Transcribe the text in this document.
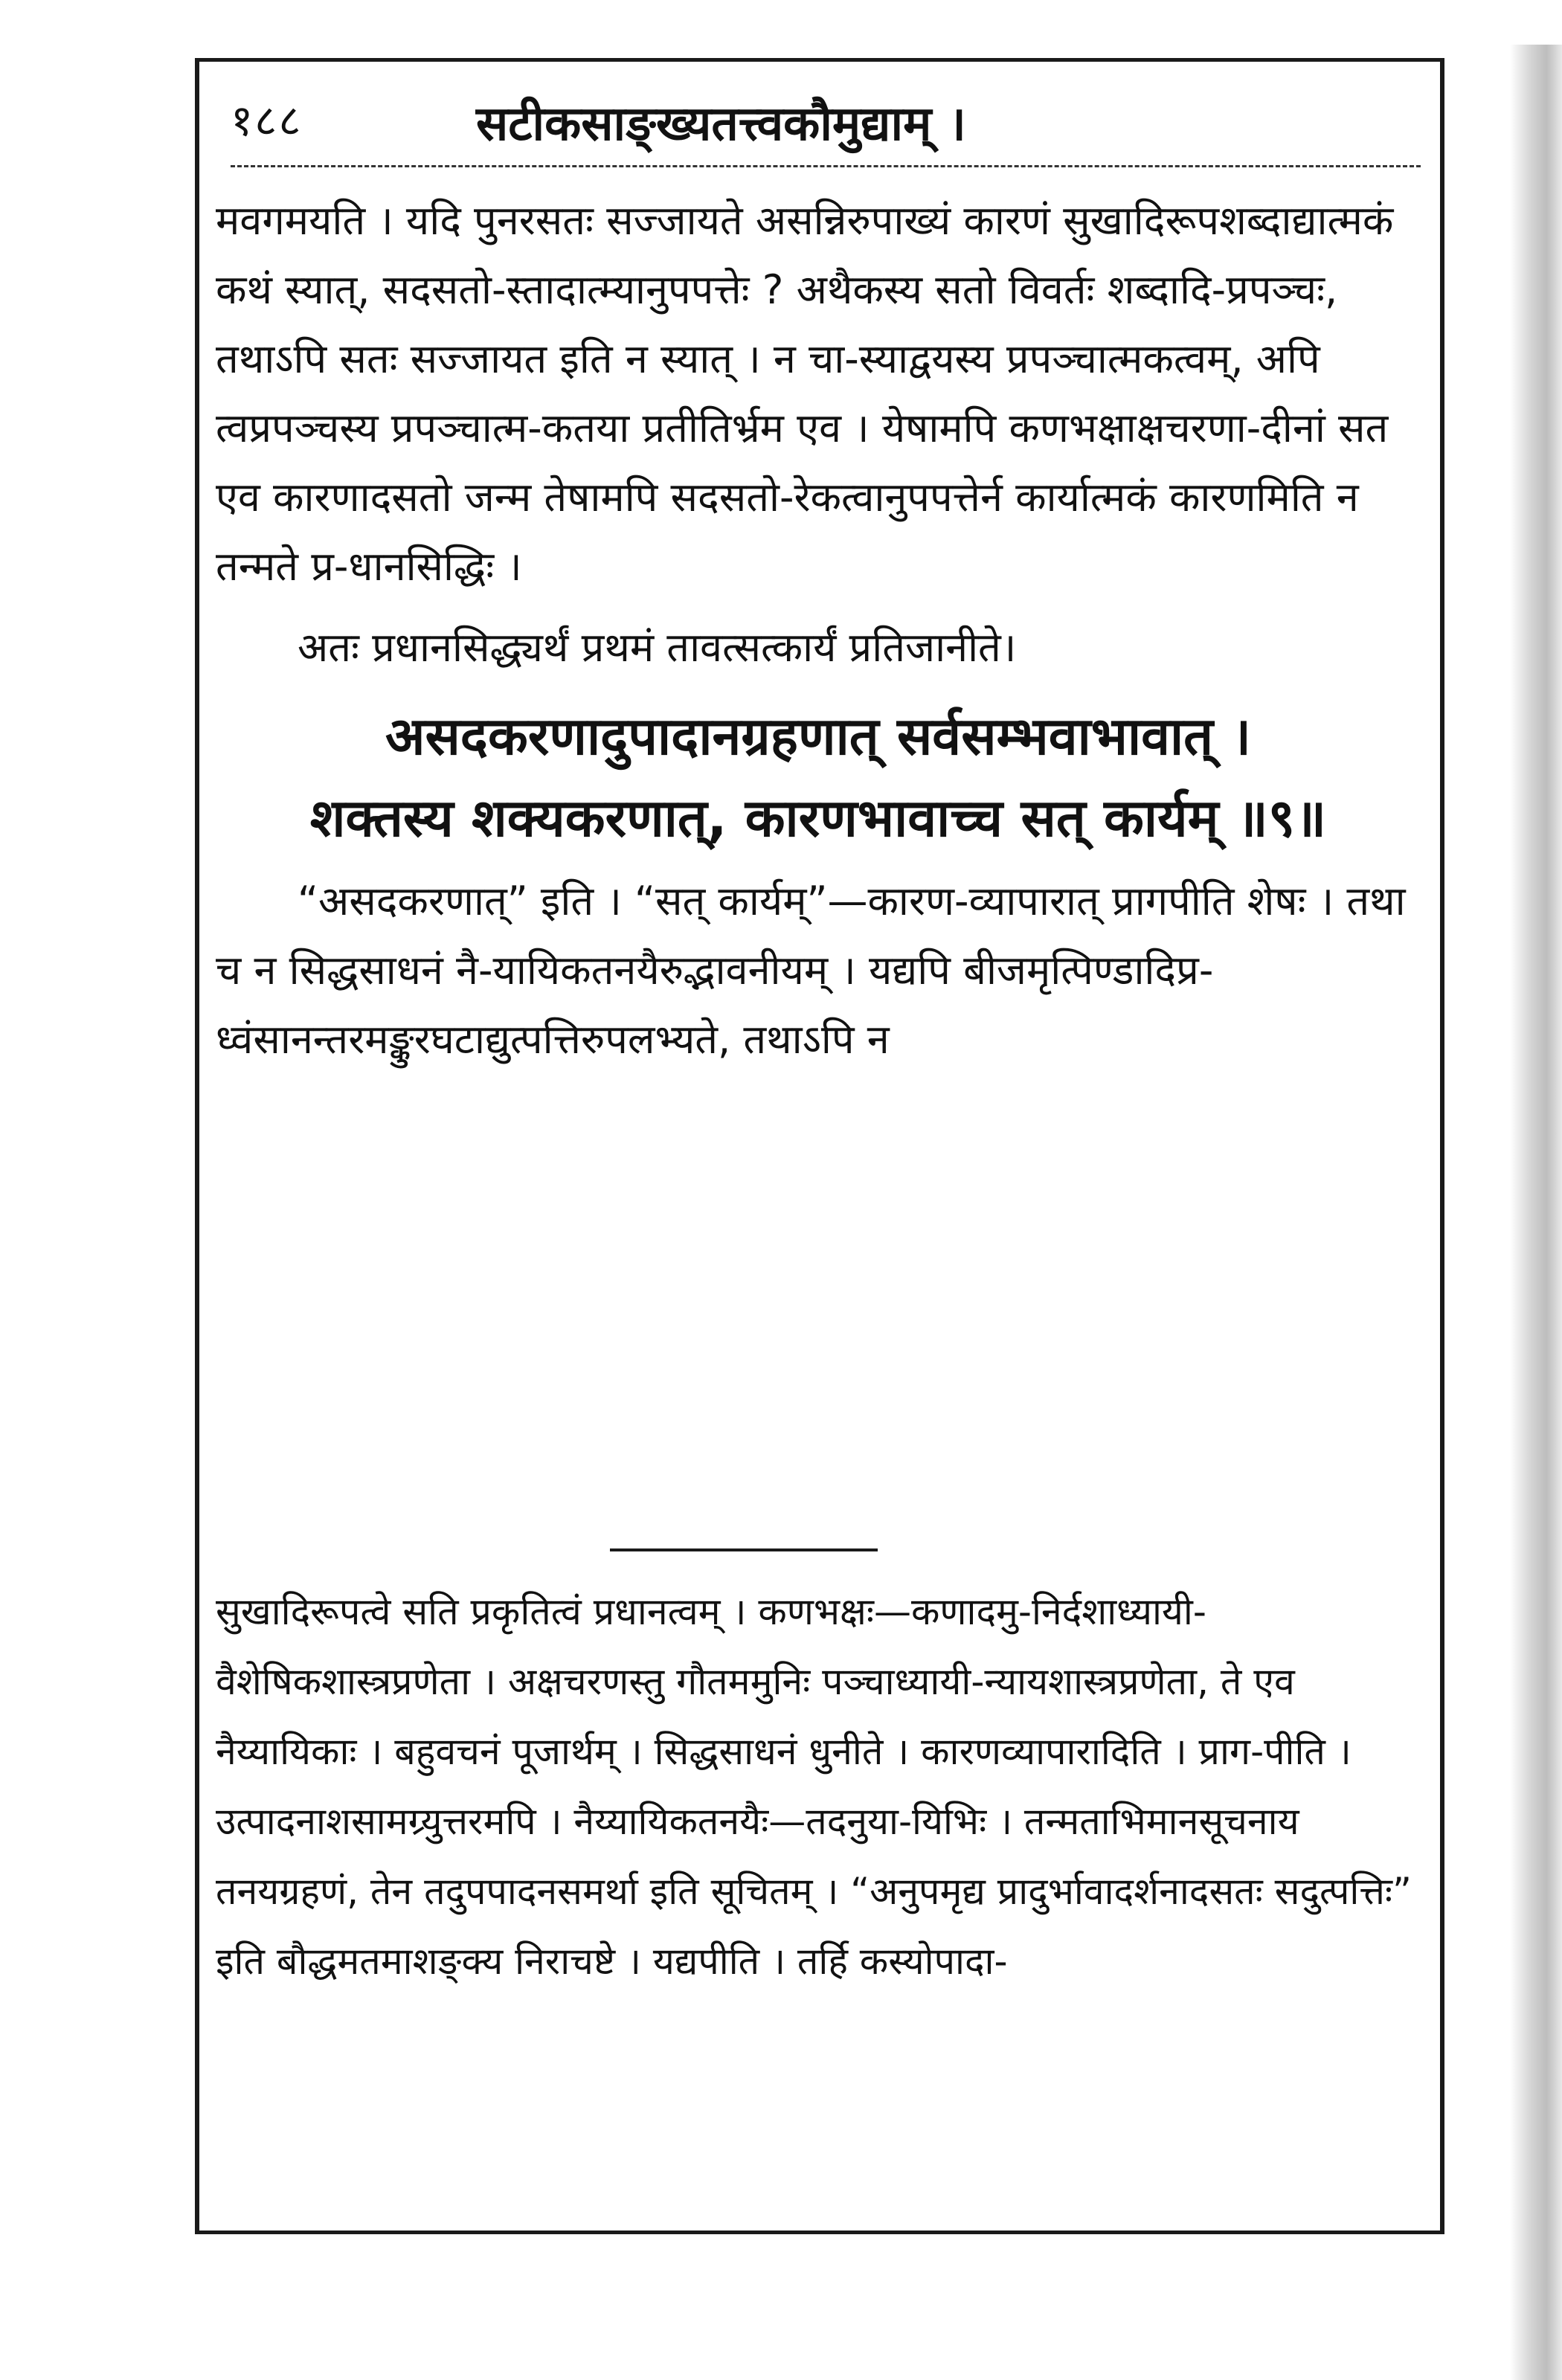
१८८	सटीकसाङ्ख्यतत्त्वकौमुद्याम् ।

मवगमयति । यदि पुनरसतः सज्जायते असन्निरुपाख्यं कारणं सुखादिरूपशब्दाद्यात्मकं कथं स्यात्, सदसतो-स्तादात्म्यानुपपत्तेः ? अथैकस्य सतो विवर्तः शब्दादि-प्रपञ्चः, तथाऽपि सतः सज्जायत इति न स्यात् । न चा-स्याद्वयस्य प्रपञ्चात्मकत्वम्, अपि त्वप्रपञ्चस्य प्रपञ्चात्म-कतया प्रतीतिर्भ्रम एव । येषामपि कणभक्षाक्षचरणा-दीनां सत एव कारणादसतो जन्म तेषामपि सदसतो-रेकत्वानुपपत्तेर्न कार्यात्मकं कारणमिति न तन्मते प्र-धानसिद्धिः ।

अतः प्रधानसिद्ध्यर्थं प्रथमं तावत्सत्कार्यं प्रतिजानीते।

असदकरणादुपादानग्रहणात् सर्वसम्भवाभावात् ।
शक्तस्य शक्यकरणात्, कारणभावाच्च सत् कार्यम् ॥९॥

“असदकरणात्” इति । “सत् कार्यम्”—कारण-व्यापारात् प्रागपीति शेषः । तथा च न सिद्धसाधनं नै-यायिकतनयैरुद्भावनीयम् । यद्यपि बीजमृत्पिण्डादिप्र-ध्वंसानन्तरमङ्कुरघटाद्युत्पत्तिरुपलभ्यते, तथाऽपि न

सुखादिरूपत्वे सति प्रकृतित्वं प्रधानत्वम् । कणभक्षः—कणादमु-निर्दशाध्यायी-वैशेषिकशास्त्रप्रणेता । अक्षचरणस्तु गौतममुनिः पञ्चाध्यायी-न्यायशास्त्रप्रणेता, ते एव नैय्यायिकाः । बहुवचनं पूजार्थम् । सिद्धसाधनं धुनीते । कारणव्यापारादिति । प्राग-पीति । उत्पादनाशसामग्र्युत्तरमपि । नैय्यायिकतनयैः—तदनुया-यिभिः । तन्मताभिमानसूचनाय तनयग्रहणं, तेन तदुपपादनसमर्था इति सूचितम् । “अनुपमृद्य प्रादुर्भावादर्शनादसतः सदुत्पत्तिः” इति बौद्धमतमाशङ्क्य निराचष्टे । यद्यपीति । तर्हि कस्योपादा-
